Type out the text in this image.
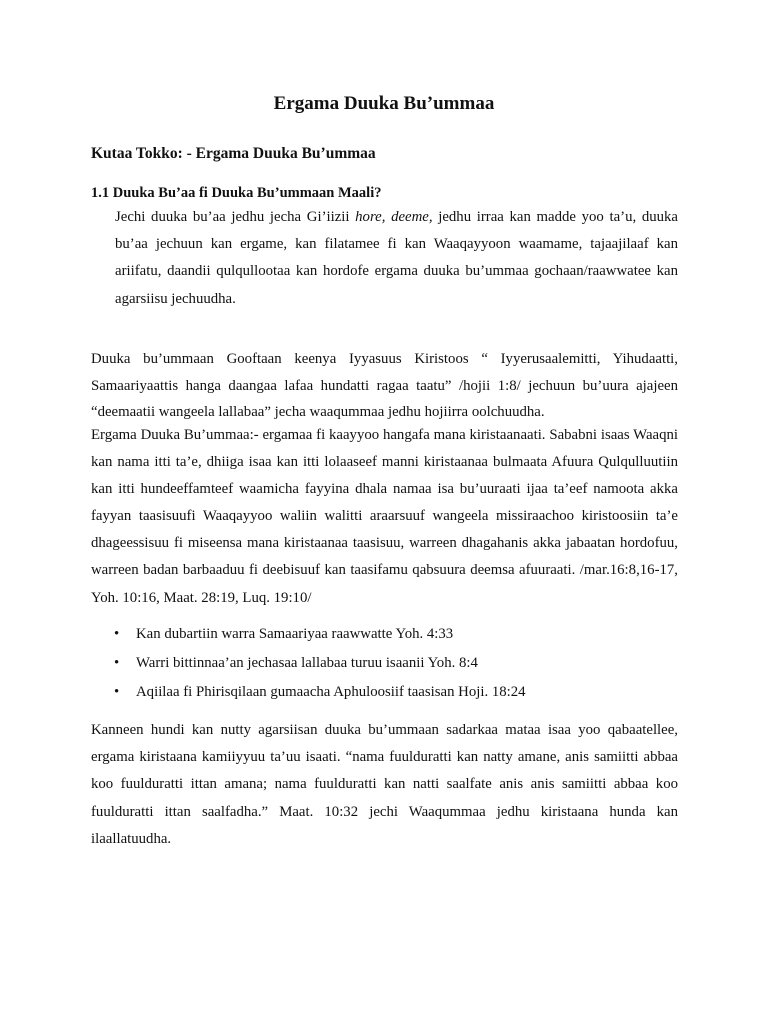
Ergama Duuka Bu’ummaa
Kutaa Tokko: - Ergama Duuka Bu’ummaa
1.1 Duuka Bu’aa fi Duuka Bu’ummaan Maali?

Jechi duuka bu’aa jedhu jecha Gi’iizii hore, deeme, jedhu irraa kan madde yoo ta’u, duuka bu’aa jechuun kan ergame, kan filatamee fi kan Waaqayyoon waamame, tajaajilaaf kan ariifatu, daandii qulqullootaa kan hordofe ergama duuka bu’ummaa gochaan/raawwatee kan agarsiisu jechuudha.

Duuka bu’ummaan Gooftaan keenya Iyyasuus Kiristoos “ Iyyerusaalemitti, Yihudaatti, Samaariyaattis hanga daangaa lafaa hundatti ragaa taatu” /hojii 1:8/ jechuun bu’uura ajajeen “deemaatii wangeela lallabaa” jecha waaqummaa jedhu hojiirra oolchuudha.

Ergama Duuka Bu’ummaa:- ergamaa fi kaayyoo hangafa mana kiristaanaati. Sababni isaas Waaqni kan nama itti ta’e, dhiiga isaa kan itti lolaaseef manni kiristaanaa bulmaata Afuura Qulqulluutiin kan itti hundeeffamteef waamicha fayyina dhala namaa isa bu’uuraati ijaa ta’eef namoota akka fayyan taasisuufi Waaqayyoo waliin walitti araarsuuf wangeela missiraachoo kiristoosiin ta’e dhageessisuu fi miseensa mana kiristaanaa taasisuu, warreen dhagahanis akka jabaatan hordofuu, warreen badan barbaaduu fi deebisuuf kan taasifamu qabsuura deemsa afuuraati. /mar.16:8,16-17, Yoh. 10:16, Maat. 28:19, Luq. 19:10/

• Kan dubartiin warra Samaariyaa raawwatte Yoh. 4:33
• Warri bittinnaa’an jechasaa lallabaa turuu isaanii Yoh. 8:4
• Aqiilaa fi Phirisqilaan gumaacha Aphuloosiif taasisan Hoji. 18:24

Kanneen hundi kan nutty agarsiisan duuka bu’ummaan sadarkaa mataa isaa yoo qabaatellee, ergama kiristaana kamiiyyuu ta’uu isaati. “nama fuulduratti kan natty amane, anis samiitti abbaa koo fuulduratti ittan amana; nama fuulduratti kan natti saalfate anis anis samiitti abbaa koo fuulduratti ittan saalfadha.” Maat. 10:32 jechi Waaqummaa jedhu kiristaana hunda kan ilaallatuudha.
